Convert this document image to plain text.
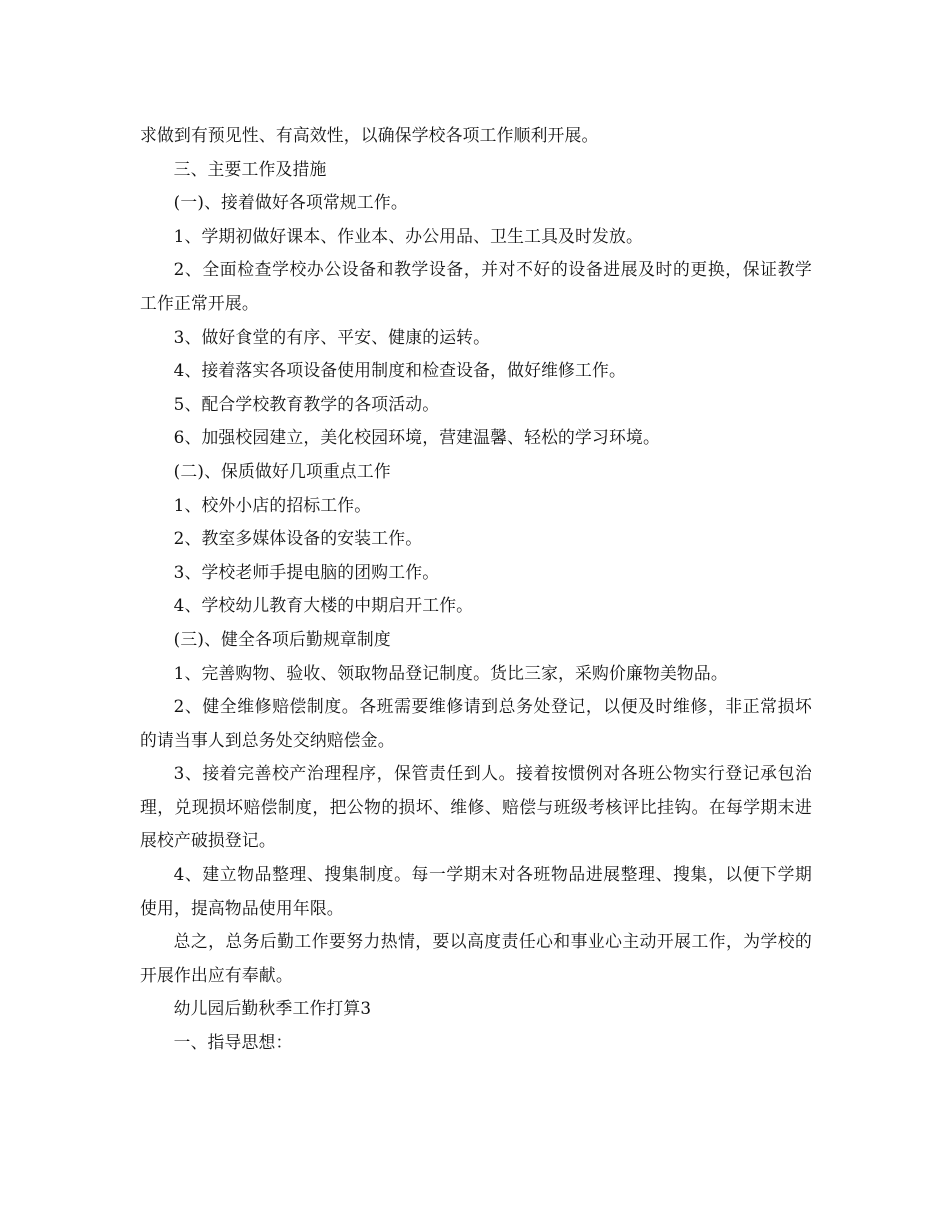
求做到有预见性、有高效性，以确保学校各项工作顺利开展。

三、主要工作及措施

(一)、接着做好各项常规工作。

1、学期初做好课本、作业本、办公用品、卫生工具及时发放。

2、全面检查学校办公设备和教学设备，并对不好的设备进展及时的更换，保证教学工作正常开展。

3、做好食堂的有序、平安、健康的运转。

4、接着落实各项设备使用制度和检查设备，做好维修工作。

5、配合学校教育教学的各项活动。

6、加强校园建立，美化校园环境，营建温馨、轻松的学习环境。

(二)、保质做好几项重点工作

1、校外小店的招标工作。

2、教室多媒体设备的安装工作。

3、学校老师手提电脑的团购工作。

4、学校幼儿教育大楼的中期启开工作。

(三)、健全各项后勤规章制度

1、完善购物、验收、领取物品登记制度。货比三家，采购价廉物美物品。

2、健全维修赔偿制度。各班需要维修请到总务处登记，以便及时维修，非正常损坏的请当事人到总务处交纳赔偿金。

3、接着完善校产治理程序，保管责任到人。接着按惯例对各班公物实行登记承包治理，兑现损坏赔偿制度，把公物的损坏、维修、赔偿与班级考核评比挂钩。在每学期末进展校产破损登记。

4、建立物品整理、搜集制度。每一学期末对各班物品进展整理、搜集，以便下学期使用，提高物品使用年限。

总之，总务后勤工作要努力热情，要以高度责任心和事业心主动开展工作，为学校的开展作出应有奉献。

幼儿园后勤秋季工作打算3

一、指导思想：
